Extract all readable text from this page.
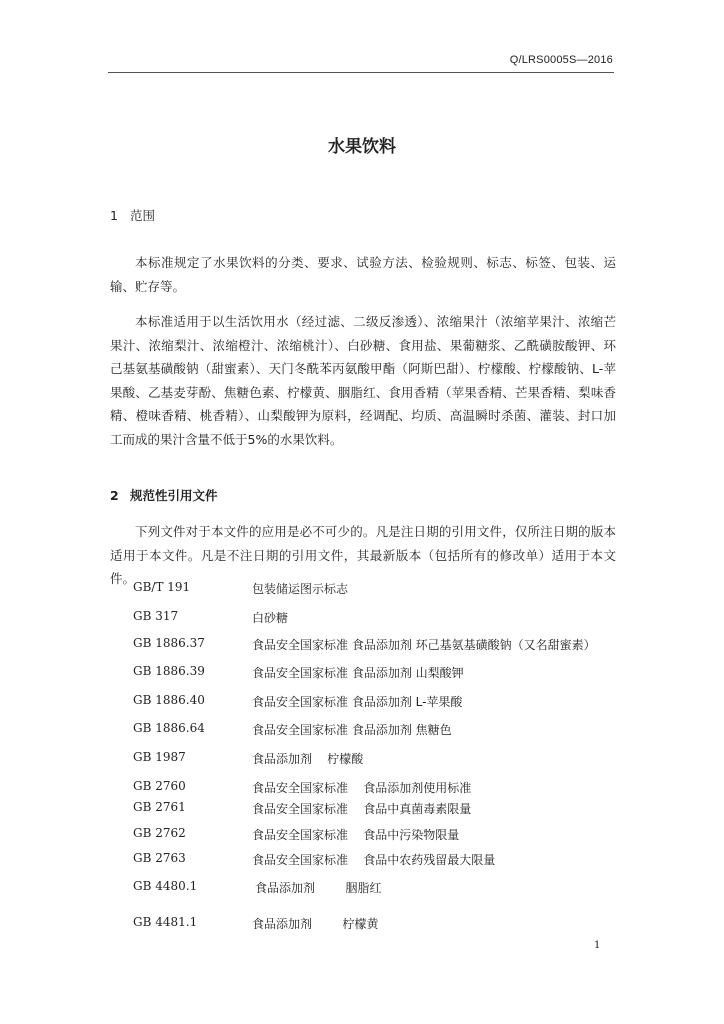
Q/LRS0005S—2016
水果饮料
1 范围

本标准规定了水果饮料的分类、要求、试验方法、检验规则、标志、标签、包装、运输、贮存等。

本标准适用于以生活饮用水（经过滤、二级反渗透）、浓缩果汁（浓缩苹果汁、浓缩芒果汁、浓缩梨汁、浓缩橙汁、浓缩桃汁）、白砂糖、食用盐、果葡糖浆、乙酰磺胺酸钾、环己基氨基磺酸钠（甜蜜素）、天门冬酰苯丙氨酸甲酯（阿斯巴甜）、柠檬酸、柠檬酸钠、L-苹果酸、乙基麦芽酚、焦糖色素、柠檬黄、胭脂红、食用香精（苹果香精、芒果香精、梨味香精、橙味香精、桃香精）、山梨酸钾为原料，经调配、均质、高温瞬时杀菌、灌装、封口加工而成的果汁含量不低于5%的水果饮料。

2 规范性引用文件

下列文件对于本文件的应用是必不可少的。凡是注日期的引用文件，仅所注日期的版本适用于本文件。凡是不注日期的引用文件，其最新版本（包括所有的修改单）适用于本文件。

GB/T 191	包装储运图示标志
GB 317	白砂糖
GB 1886.37	食品安全国家标准 食品添加剂 环己基氨基磺酸钠（又名甜蜜素）
GB 1886.39	食品安全国家标准 食品添加剂 山梨酸钾
GB 1886.40	食品安全国家标准 食品添加剂 L-苹果酸
GB 1886.64	食品安全国家标准 食品添加剂 焦糖色
GB 1987	食品添加剂    柠檬酸
GB 2760	食品安全国家标准    食品添加剂使用标准
GB 2761	食品安全国家标准    食品中真菌毒素限量
GB 2762	食品安全国家标准    食品中污染物限量
GB 2763	食品安全国家标准    食品中农药残留最大限量
GB 4480.1	食品添加剂        胭脂红
GB 4481.1	食品添加剂        柠檬黄
1
